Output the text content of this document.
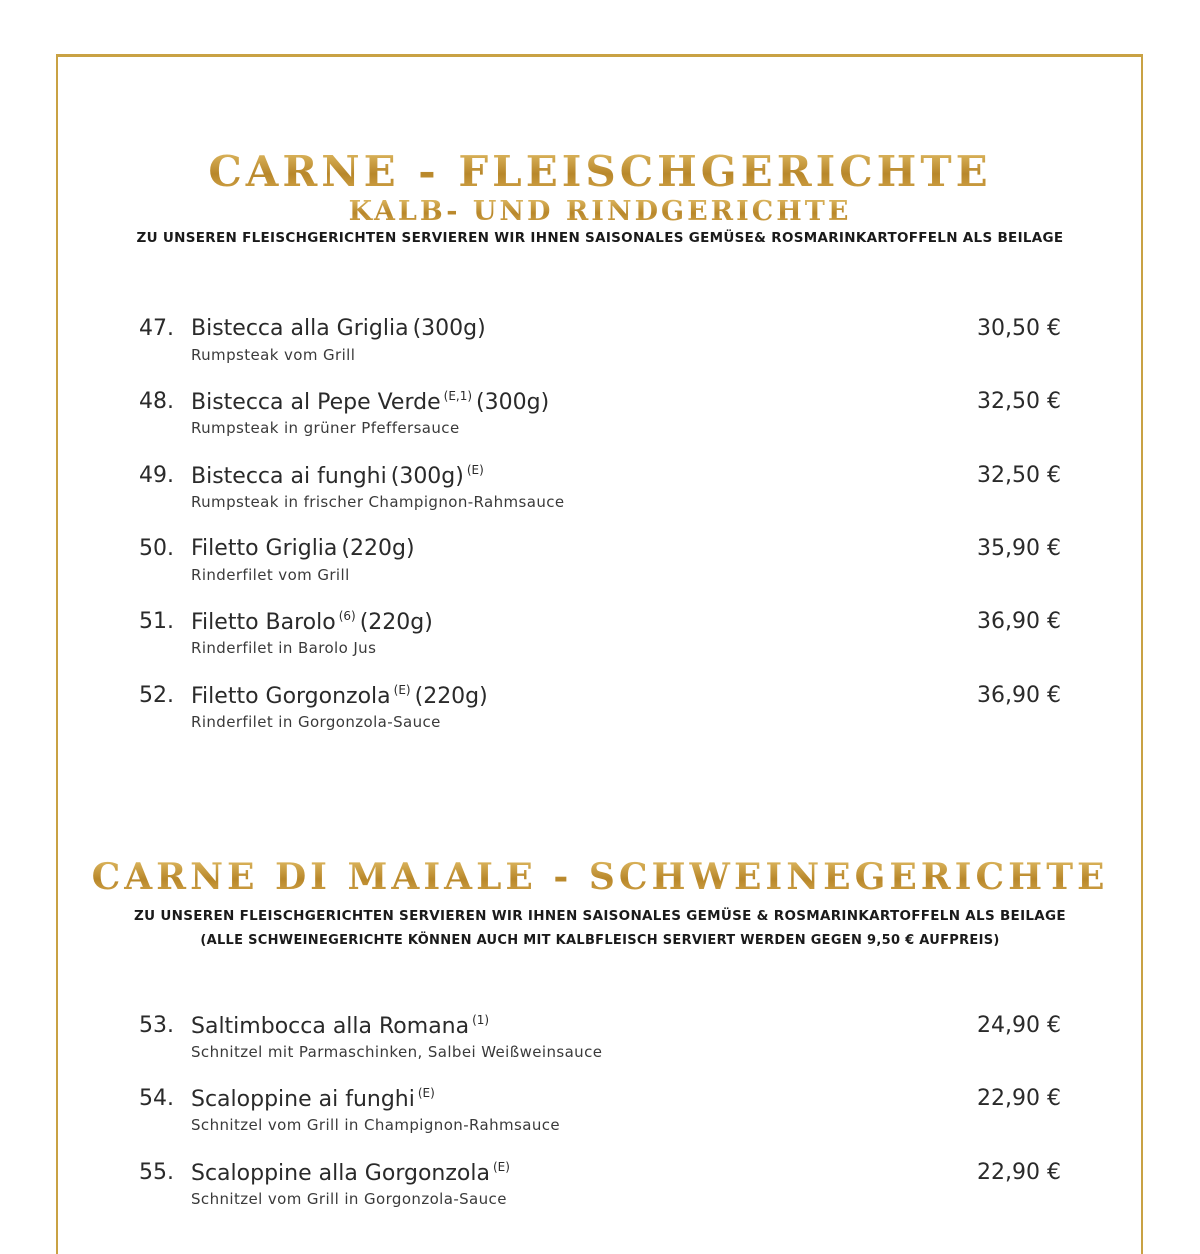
CARNE - FLEISCHGERICHTE
KALB- UND RINDGERICHTE
ZU UNSEREN FLEISCHGERICHTEN SERVIEREN WIR IHNEN SAISONALES GEMÜSE& ROSMARINKARTOFFELN ALS BEILAGE
47. Bistecca alla Griglia (300g)
Rumpsteak vom Grill
30,50 €
48. Bistecca al Pepe Verde $^{(E,1)}$ (300g)
Rumpsteak in grüner Pfeffersauce
32,50 €
49. Bistecca ai funghi (300g) $^{(E)}$
Rumpsteak in frischer Champignon-Rahmsauce
32,50 €
50. Filetto Griglia (220g)
Rinderfilet vom Grill
35,90 €
51. Filetto Barolo $^{(6)}$ (220g)
Rinderfilet in Barolo Jus
36,90 €
52. Filetto Gorgonzola $^{(E)}$ (220g)
Rinderfilet in Gorgonzola-Sauce
36,90 €
CARNE DI MAIALE - SCHWEINEGERICHTE
ZU UNSEREN FLEISCHGERICHTEN SERVIEREN WIR IHNEN SAISONALES GEMÜSE & ROSMARINKARTOFFELN ALS BEILAGE
(ALLE SCHWEINEGERICHTE KÖNNEN AUCH MIT KALBFLEISCH SERVIERT WERDEN GEGEN 9,50 € AUFPREIS)
53. Saltimbocca alla Romana $^{(1)}$
Schnitzel mit Parmaschinken, Salbei Weißweinsauce
24,90 €
54. Scaloppine ai funghi $^{(E)}$
Schnitzel vom Grill in Champignon-Rahmsauce
22,90 €
55. Scaloppine alla Gorgonzola $^{(E)}$
Schnitzel vom Grill in Gorgonzola-Sauce
22,90 €
